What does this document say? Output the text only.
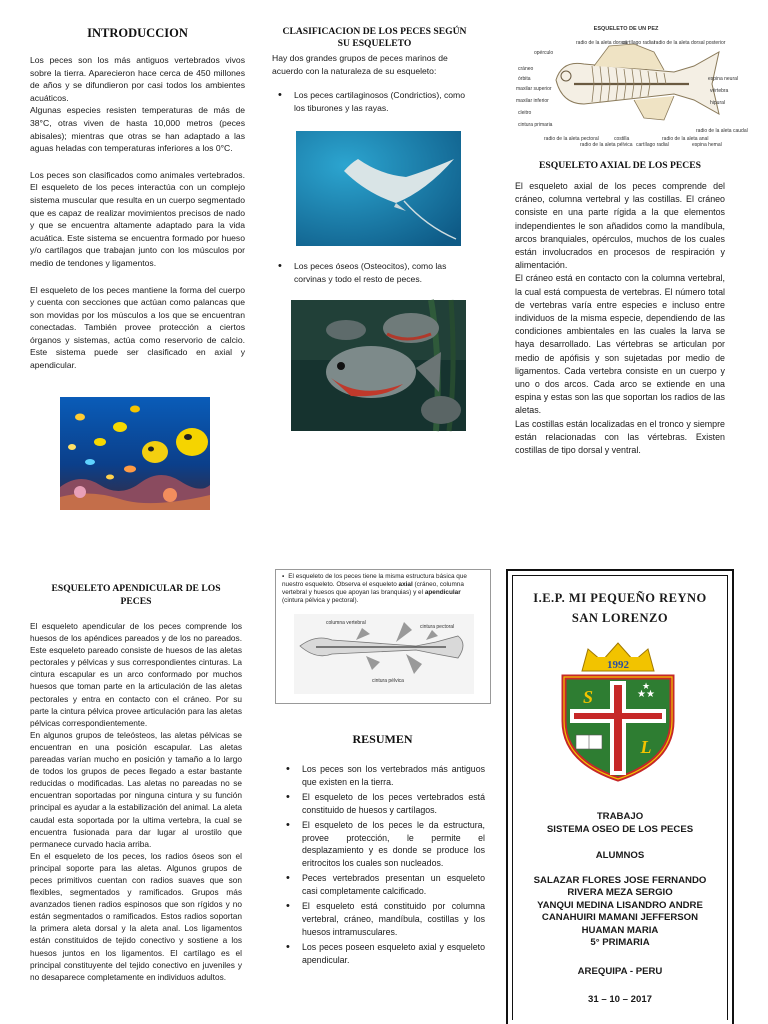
INTRODUCCION

Los peces son los más antiguos vertebrados vivos sobre la tierra. Aparecieron hace cerca de 450 millones de años y se difundieron por casi todos los ambientes acuáticos.

Algunas especies resisten temperaturas de más de 38°C, otras viven de hasta 10,000 metros (peces abisales); mientras que otras se han adaptado a las aguas heladas con temperaturas inferiores a los 0°C.

Los peces son clasificados como animales vertebrados. El esqueleto de los peces interactúa con un complejo sistema muscular que resulta en un cuerpo segmentado que es capaz de realizar movimientos precisos de nado y que se encuentra altamente adaptado para la vida acuática. Este sistema se encuentra formado por hueso y/o cartílagos que trabajan junto con los músculos por medio de tendones y ligamentos.

El esqueleto de los peces mantiene la forma del cuerpo y cuenta con secciones que actúan como palancas que son movidas por los músculos a los que se encuentran conectadas. También provee protección a ciertos órganos y sistemas, actúa como reservorio de calcio. Este sistema puede ser clasificado en axial y apendicular.

CLASIFICACION DE LOS PECES SEGÚN SU ESQUELETO

Hay dos grandes grupos de peces marinos de acuerdo con la naturaleza de su esqueleto:

• Los peces cartilaginosos (Condrictios), como los tiburones y las rayas.
• Los peces óseos (Osteocitos), como las corvinas y todo el resto de peces.
ESQUELETO DE UN PEZ
radio de la aleta dorsal
cartílago radial radio de la aleta dorsal posterior
opérculo
cráneo
órbita
maxilar superior
maxilar inferior
cleitro
cintura primaria
radio de la aleta pectoral
radio de la aleta pélvica
costilla
cartílago radial
radio de la aleta anal
espina hemal
espina neural
vértebra
hipural
radio de la aleta caudal
ESQUELETO AXIAL DE LOS PECES

El esqueleto axial de los peces comprende del cráneo, columna vertebral y las costillas. El cráneo consiste en una parte rígida a la que elementos independientes le son añadidos como la mandíbula, arcos branquiales, opérculos, muchos de los cuales están involucrados en procesos de respiración y alimentación.

El cráneo está en contacto con la columna vertebral, la cual está compuesta de vertebras. El número total de vertebras varía entre especies e incluso entre individuos de la misma especie, dependiendo de las condiciones ambientales en las cuales la larva se haya desarrollado. Las vértebras se articulan por medio de apófisis y son sujetadas por medio de ligamentos. Cada vertebra consiste en un cuerpo y uno o dos arcos. Cada arco se extiende en una espina y estas son las que soportan los radios de las aletas.

Las costillas están localizadas en el tronco y siempre están relacionadas con las vértebras. Existen costillas de tipo dorsal y ventral.

ESQUELETO APENDICULAR DE LOS PECES

El esqueleto apendicular de los peces comprende los huesos de los apéndices pareados y de los no pareados. Este esqueleto pareado consiste de huesos de las aletas pectorales y pélvicas y sus correspondientes cinturas. La cintura escapular es un arco conformado por muchos huesos que toman parte en la articulación de las aletas pectorales y entra en contacto con el cráneo. Por su parte la cintura pélvica provee articulación para las aletas pélvicas correspondientemente.

En algunos grupos de teleósteos, las aletas pélvicas se encuentran en una posición escapular. Las aletas pareadas varían mucho en posición y tamaño a lo largo de todos los grupos de peces llegado a estar bastante reducidas o modificadas. Las aletas no pareadas no se encuentran soportadas por ninguna cintura y su función principal es ayudar a la estabilización del animal. La aleta caudal esta soportada por la ultima vertebra, la cual se encuentra fusionada para dar lugar al urostilo que permanece curvado hacia arriba.

En el esqueleto de los peces, los radios óseos son el principal soporte para las aletas. Algunos grupos de peces primitivos cuentan con radios suaves que son flexibles, segmentados y ramificados. Grupos más avanzados tienen radios espinosos que son rígidos y no están segmentados o ramificados. Estos radios soportan la primera aleta dorsal y la aleta anal. Los ligamentos están constituidos de tejido conectivo y sostiene a los huesos juntos en los ligamentos. El cartílago es el principal constituyente del tejido conectivo en juveniles y no desaparece completamente en individuos adultos.

▪ El esqueleto de los peces tiene la misma estructura básica que nuestro esqueleto. Observa el esqueleto axial (cráneo, columna vertebral y huesos que apoyan las branquias) y el apendicular (cintura pélvica y pectoral).
columna vertebral
cintura pectoral
cintura pélvica
RESUMEN
• Los peces son los vertebrados más antiguos que existen en la tierra.
• El esqueleto de los peces vertebrados está constituido de huesos y cartílagos.
• El esqueleto de los peces le da estructura, provee protección, le permite el desplazamiento y es donde se produce los eritrocitos los cuales son nucleados.
• Peces vertebrados presentan un esqueleto casi completamente calcificado.
• El esqueleto está constituido por columna vertebral, cráneo, mandíbula, costillas y los huesos intramusculares.
• Los peces poseen esqueleto axial y esqueleto apendicular.
I.E.P. MI PEQUEÑO REYNO
SAN LORENZO
1992
S
L
★★
★
TRABAJO
SISTEMA OSEO DE LOS PECES
ALUMNOS
SALAZAR FLORES JOSE FERNANDO
RIVERA MEZA SERGIO
YANQUI MEDINA LISANDRO ANDRE
CANAHUIRI MAMANI JEFFERSON
HUAMAN MARIA
5° PRIMARIA
AREQUIPA - PERU
31 – 10 – 2017
